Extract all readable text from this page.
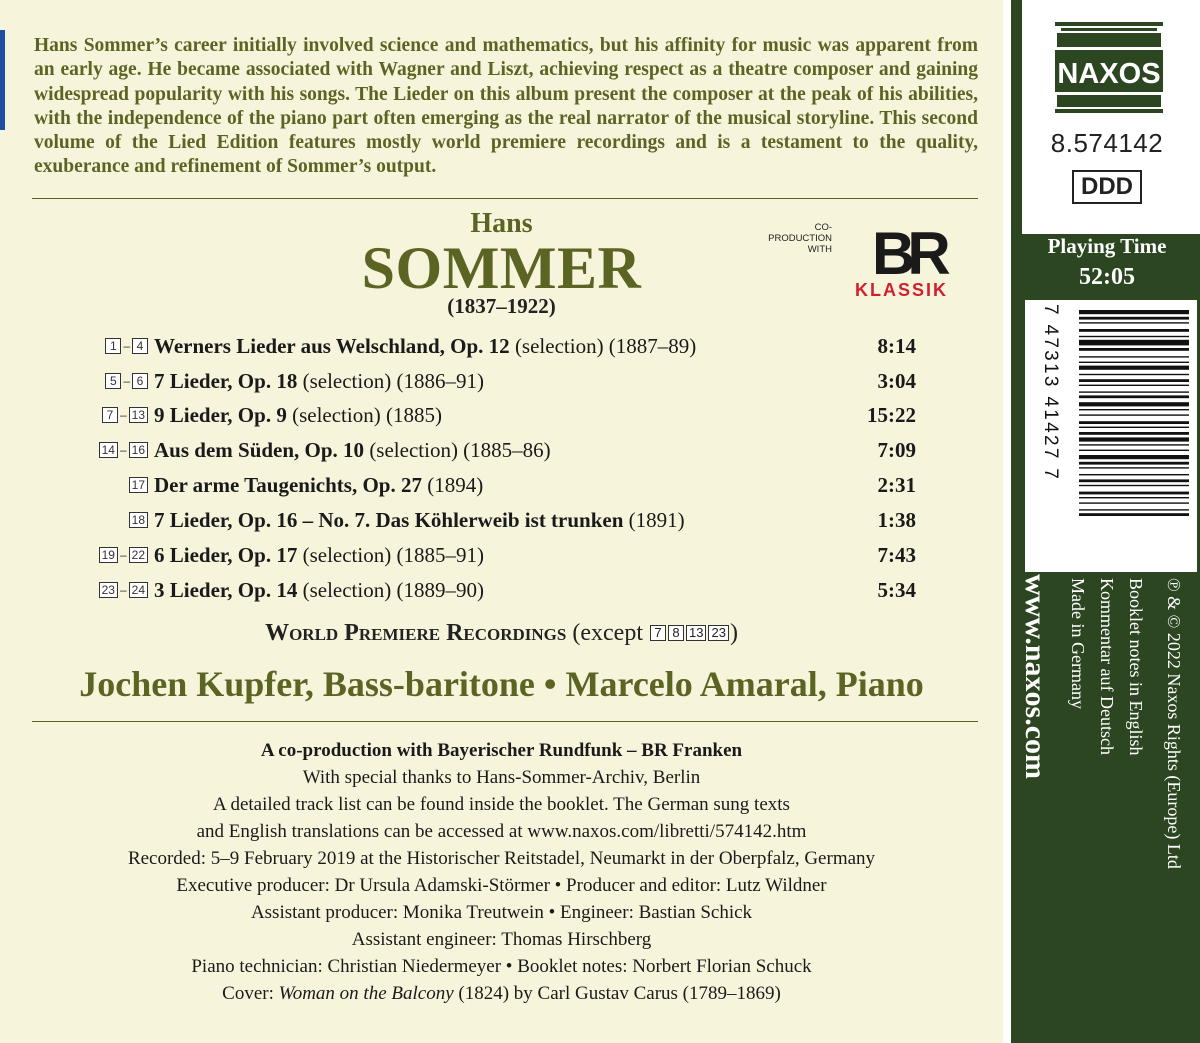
Hans Sommer’s career initially involved science and mathematics, but his affinity for music was apparent from an early age. He became associated with Wagner and Liszt, achieving respect as a theatre composer and gaining widespread popularity with his songs. The Lieder on this album present the composer at the peak of his abilities, with the independence of the piano part often emerging as the real narrator of the musical storyline. This second volume of the Lied Edition features mostly world premiere recordings and is a testament to the quality, exuberance and refinement of Sommer’s output.
Hans
SOMMER
(1837–1922)
CO-PRODUCTION
WITH BR
KLASSIK
1 – 4 Werners Lieder aus Welschland, Op. 12 (selection) (1887–89)	8:14
5 – 6 7 Lieder, Op. 18 (selection) (1886–91)	3:04
7 – 13 9 Lieder, Op. 9 (selection) (1885)	15:22
14 – 16 Aus dem Süden, Op. 10 (selection) (1885–86)	7:09
17 Der arme Taugenichts, Op. 27 (1894)	2:31
18 7 Lieder, Op. 16 – No. 7. Das Köhlerweib ist trunken (1891)	1:38
19 – 22 6 Lieder, Op. 17 (selection) (1885–91)	7:43
23 – 24 3 Lieder, Op. 14 (selection) (1889–90)	5:34
World Premiere Recordings (except 7 8 13 23 )
Jochen Kupfer, Bass-baritone • Marcelo Amaral, Piano
A co-production with Bayerischer Rundfunk – BR Franken
With special thanks to Hans-Sommer-Archiv, Berlin
A detailed track list can be found inside the booklet. The German sung texts
and English translations can be accessed at www.naxos.com/libretti/574142.htm
Recorded: 5–9 February 2019 at the Historischer Reitstadel, Neumarkt in der Oberpfalz, Germany
Executive producer: Dr Ursula Adamski-Störmer • Producer and editor: Lutz Wildner
Assistant producer: Monika Treutwein • Engineer: Bastian Schick
Assistant engineer: Thomas Hirschberg
Piano technician: Christian Niedermeyer • Booklet notes: Norbert Florian Schuck
Cover: Woman on the Balcony (1824) by Carl Gustav Carus (1789–1869)
NAXOS
8.574142
DDD
Playing Time
52:05
7 47313 41427 7
www.naxos.com	℗ & © 2022 Naxos Rights (Europe) Ltd
Booklet notes in English
Kommentar auf Deutsch
Made in Germany
